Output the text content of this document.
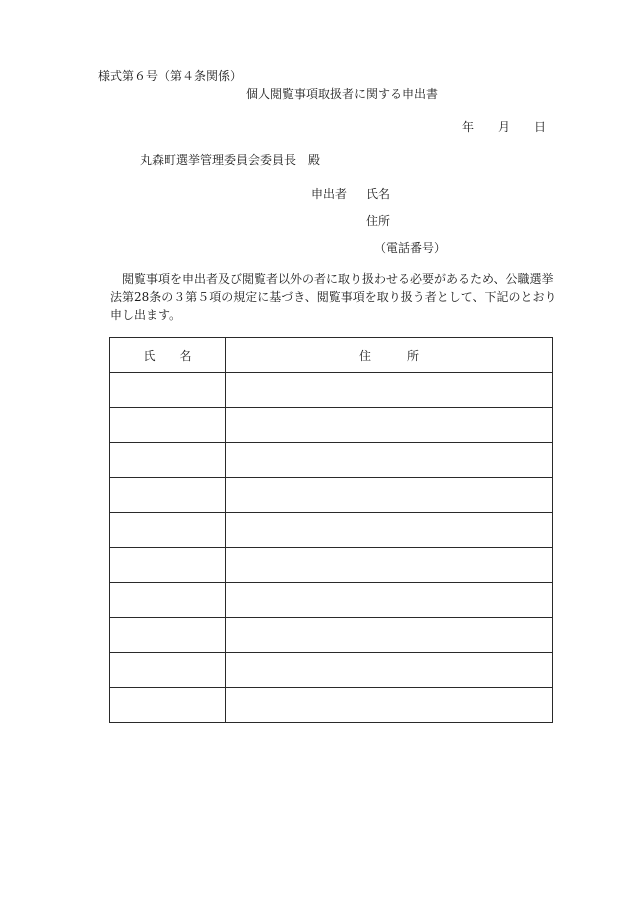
様式第６号（第４条関係）
個人閲覧事項取扱者に関する申出書
年 月 日
丸森町選挙管理委員会委員長　殿
申出者 氏名
住所
（電話番号）
閲覧事項を申出者及び閲覧者以外の者に取り扱わせる必要があるため、公職選挙法第28条の３第５項の規定に基づき、閲覧事項を取り扱う者として、下記のとおり申し出ます。
氏　　名	住　　　所
